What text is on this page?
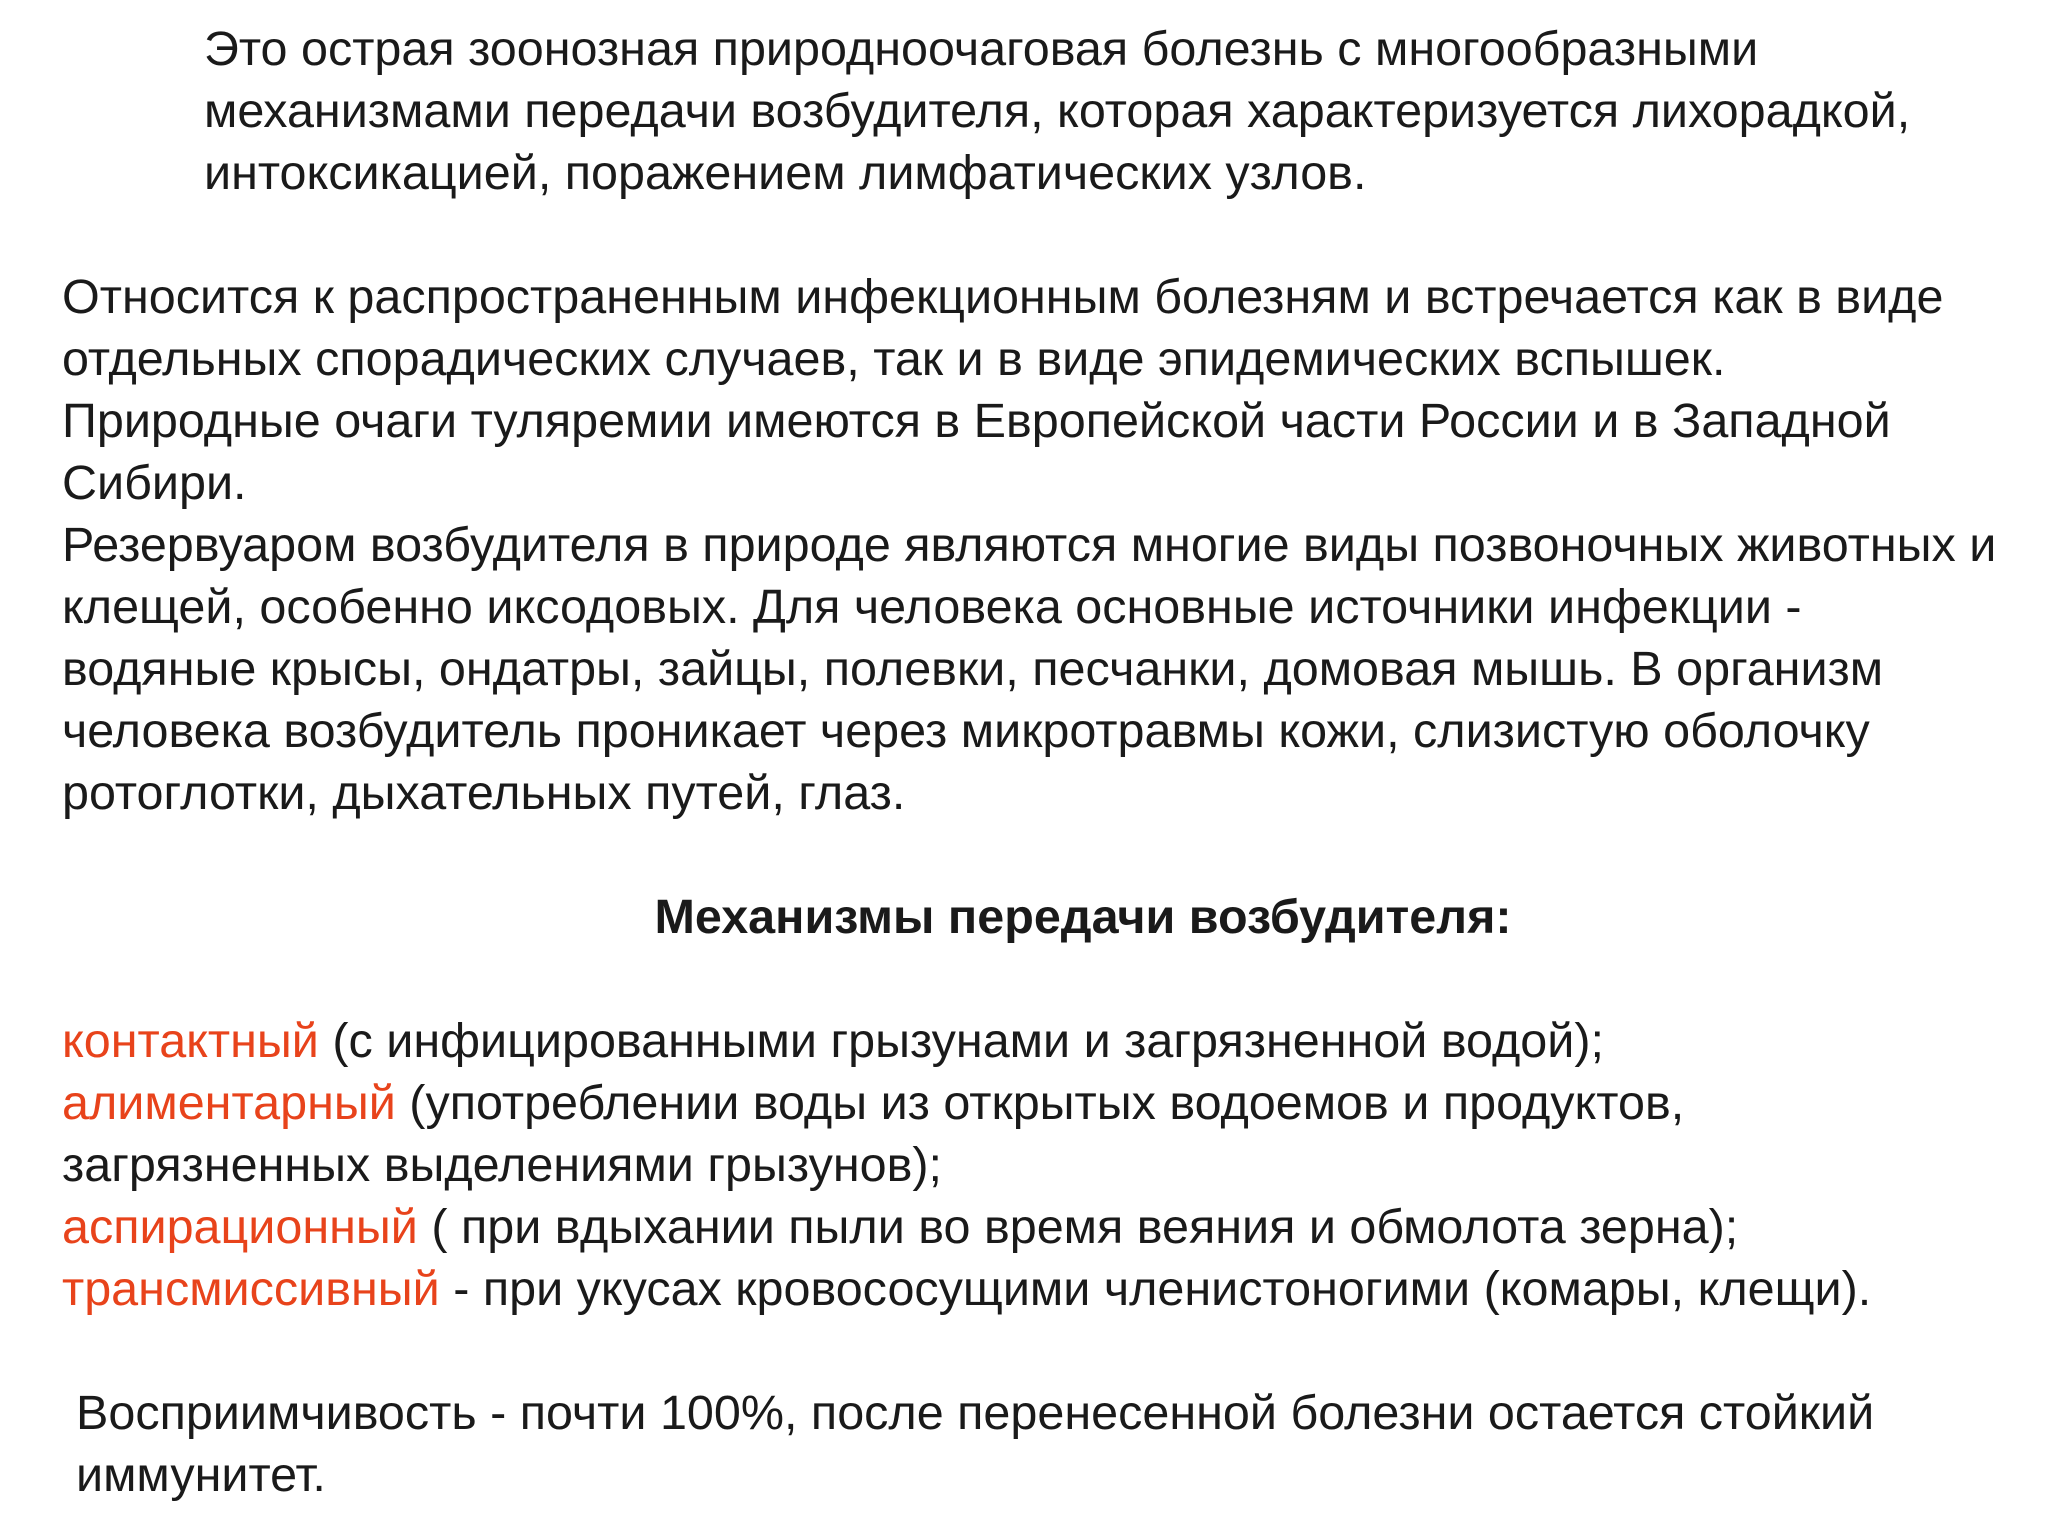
Это острая зоонозная природноочаговая болезнь с многообразными механизмами передачи возбудителя, которая характеризуется лихорадкой, интоксикацией, поражением лимфатических узлов.

Относится к распространенным инфекционным болезням и встречается как в виде отдельных спорадических случаев, так и в виде эпидемических вспышек.

Природные очаги туляремии имеются в Европейской части России и в Западной Сибири.

Резервуаром возбудителя в природе являются многие виды позвоночных животных и клещей, особенно иксодовых. Для человека основные источники инфекции - водяные крысы, ондатры, зайцы, полевки, песчанки, домовая мышь. В организм человека возбудитель проникает через микротравмы кожи, слизистую оболочку ротоглотки, дыхательных путей, глаз.

Механизмы передачи возбудителя:

контактный (с инфицированными грызунами и загрязненной водой);

алиментарный (употреблении воды из открытых водоемов и продуктов, загрязненных выделениями грызунов);

аспирационный ( при вдыхании пыли во время веяния и обмолота зерна);

трансмиссивный - при укусах кровососущими членистоногими (комары, клещи).

Восприимчивость - почти 100%, после перенесенной болезни остается стойкий иммунитет.
